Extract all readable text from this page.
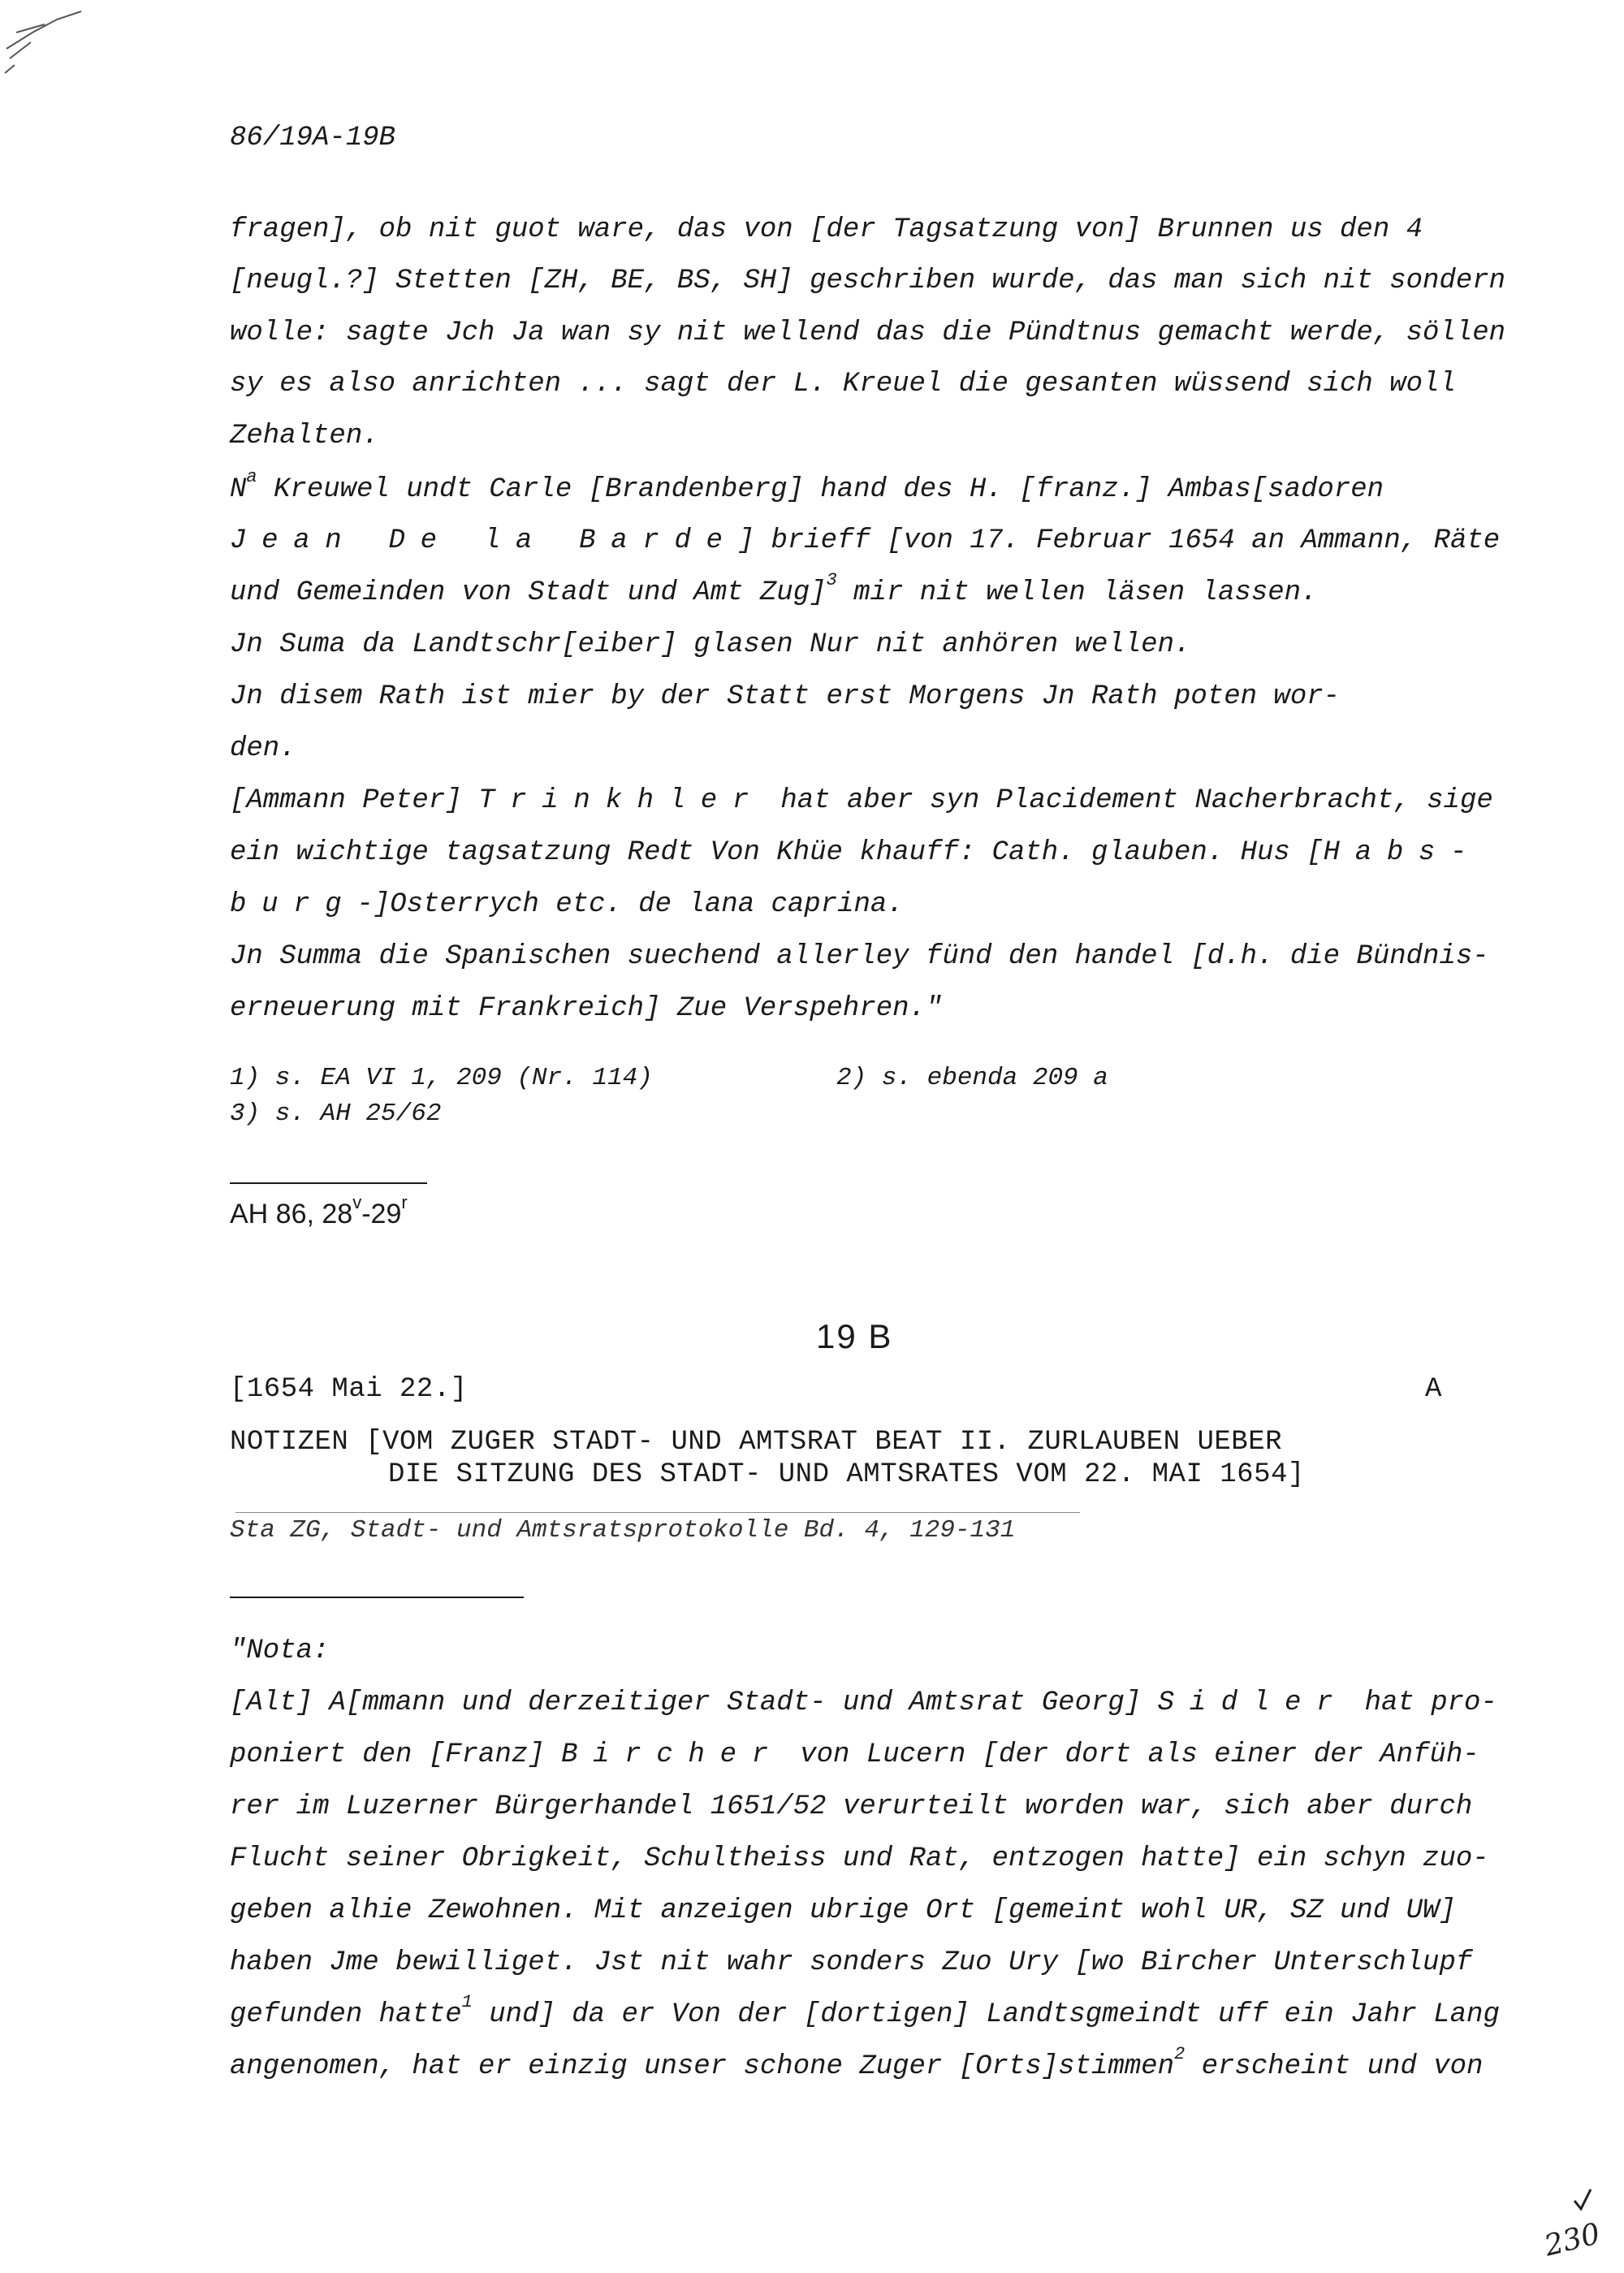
86/19A-19B
fragen], ob nit guot ware, das von [der Tagsatzung von] Brunnen us den 4
[neugl.?] Stetten [ZH, BE, BS, SH] geschriben wurde, das man sich nit sondern
wolle: sagte Jch Ja wan sy nit wellend das die Pündtnus gemacht werde, söllen
sy es also anrichten ... sagt der L. Kreuel die gesanten wüssend sich woll
Zehalten.
$N^a$ Kreuwel undt Carle [Brandenberg] hand des H. [franz.] Ambas[sadoren
Jean De la Barde] brieff [von 17. Februar 1654 an Ammann, Räte
und Gemeinden von Stadt und Amt Zug]$^3$ mir nit wellen läsen lassen.
Jn Suma da Landtschr[eiber] glasen Nur nit anhören wellen.
Jn disem Rath ist mier by der Statt erst Morgens Jn Rath poten wor-
den.
[Ammann Peter] Trinkhler hat aber syn Placidement Nacherbracht, sige
ein wichtige tagsatzung Redt Von Khüe khauff: Cath. glauben. Hus [Habs-
burg-]Osterrych etc. de lana caprina.
Jn Summa die Spanischen suechend allerley fünd den handel [d.h. die Bündnis-
erneuerung mit Frankreich] Zue Verspehren."
1) s. EA VI 1, 209 (Nr. 114)	2) s. ebenda 209 a
3) s. AH 25/62
AH 86, 28$^v$-29$^r$
19 B
[1654 Mai 22.]	A
NOTIZEN [VOM ZUGER STADT- UND AMTSRAT BEAT II. ZURLAUBEN UEBER
DIE SITZUNG DES STADT- UND AMTSRATES VOM 22. MAI 1654]
Sta ZG, Stadt- und Amtsratsprotokolle Bd. 4, 129-131
"Nota:
[Alt] A[mmann und derzeitiger Stadt- und Amtsrat Georg] Sidler hat pro-
poniert den [Franz] Bircher von Lucern [der dort als einer der Anfüh-
rer im Luzerner Bürgerhandel 1651/52 verurteilt worden war, sich aber durch
Flucht seiner Obrigkeit, Schultheiss und Rat, entzogen hatte] ein schyn zuo-
geben alhie Zewohnen. Mit anzeigen ubrige Ort [gemeint wohl UR, SZ und UW]
haben Jme bewilliget. Jst nit wahr sonders Zuo Ury [wo Bircher Unterschlupf
gefunden hatte$^1$ und] da er Von der [dortigen] Landtsgmeindt uff ein Jahr Lang
angenomen, hat er einzig unser schone Zuger [Orts]stimmen$^2$ erscheint und von
230
